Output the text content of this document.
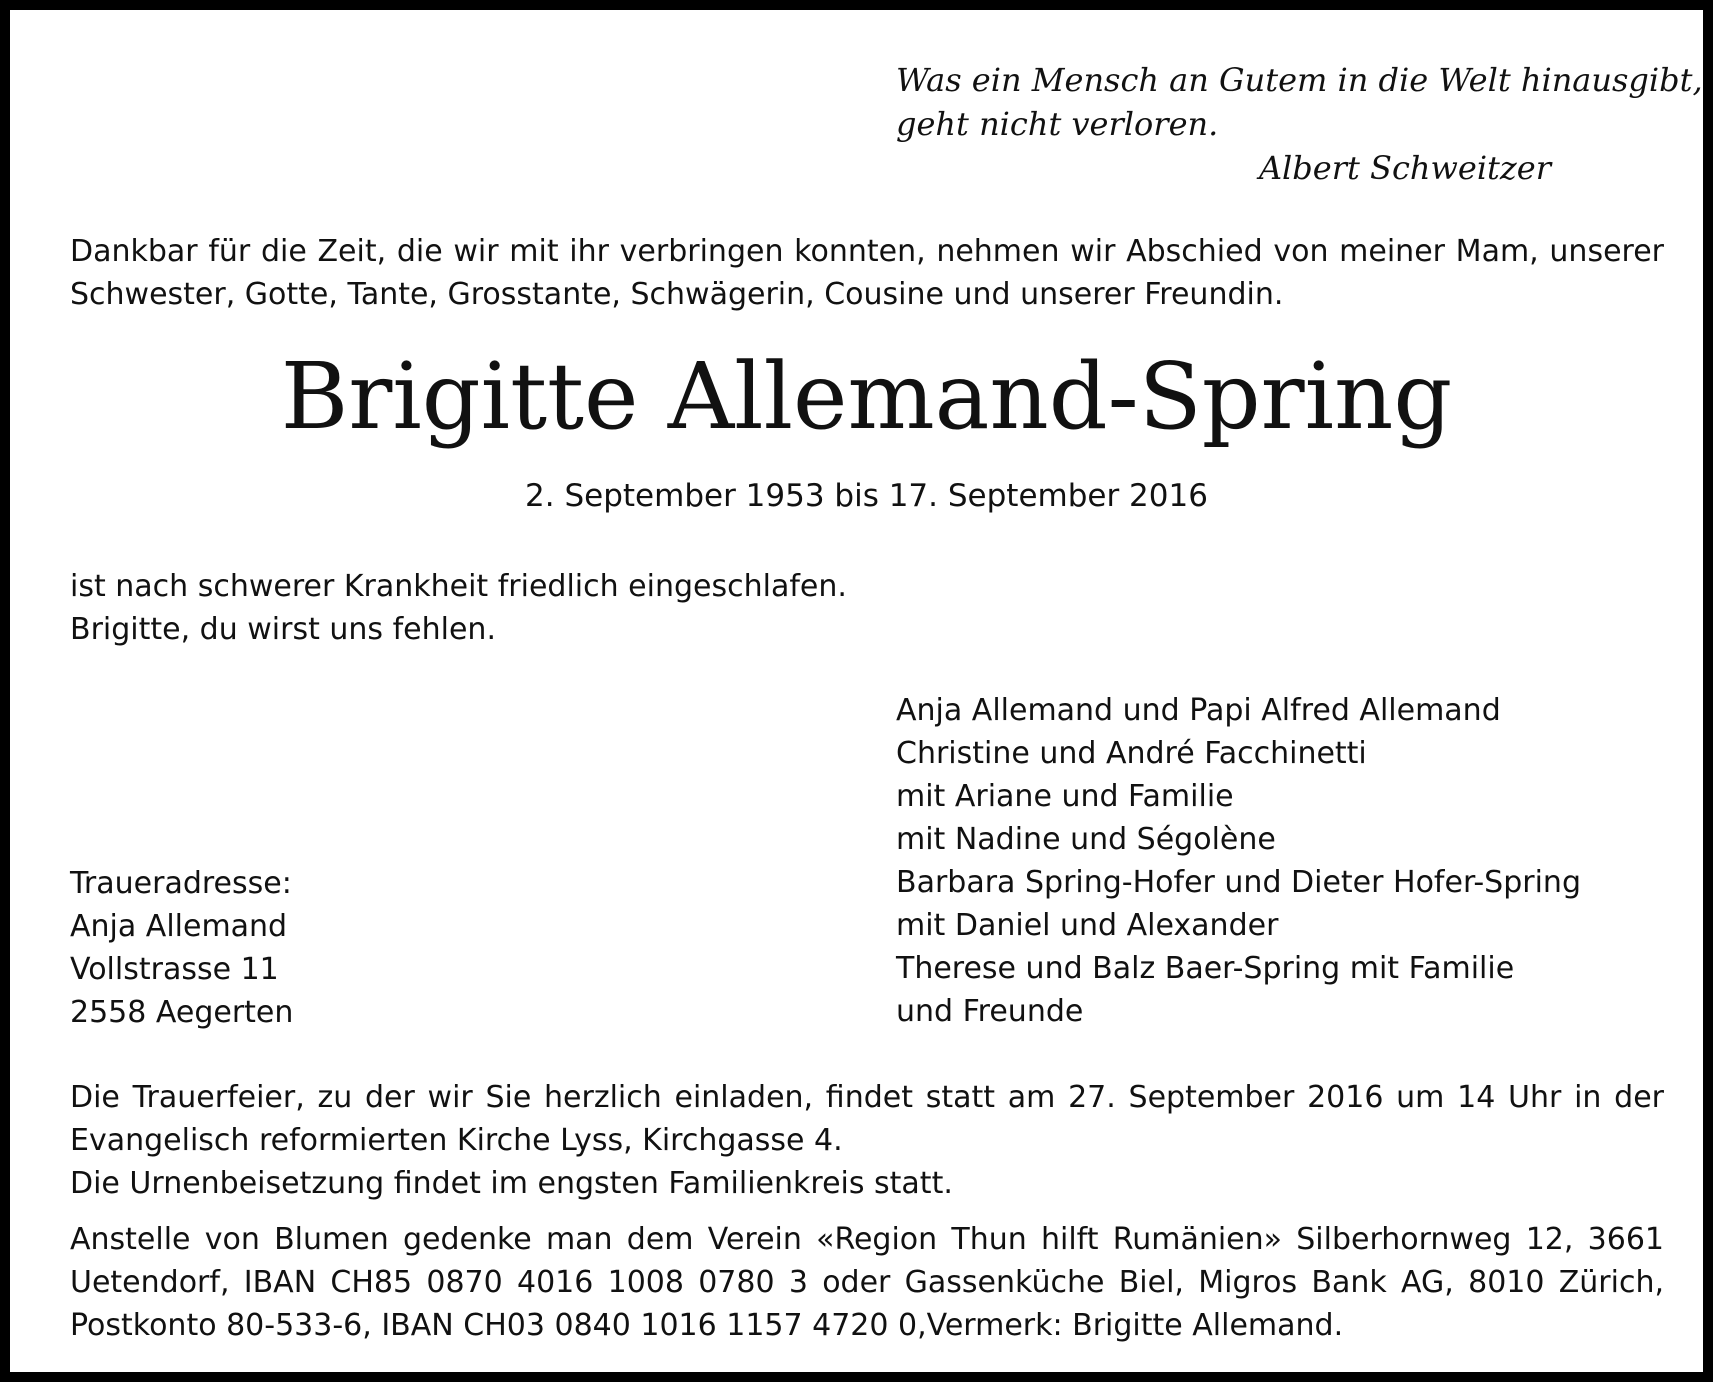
Was ein Mensch an Gutem in die Welt hinausgibt,
geht nicht verloren.
Albert Schweitzer
Dankbar für die Zeit, die wir mit ihr verbringen konnten, nehmen wir Abschied von meiner Mam, unserer Schwester, Gotte, Tante, Grosstante, Schwägerin, Cousine und unserer Freundin.
Brigitte Allemand-Spring
2. September 1953 bis 17. September 2016
ist nach schwerer Krankheit friedlich eingeschlafen.
Brigitte, du wirst uns fehlen.
Anja Allemand und Papi Alfred Allemand
Christine und André Facchinetti
mit Ariane und Familie
mit Nadine und Ségolène
Barbara Spring-Hofer und Dieter Hofer-Spring
mit Daniel und Alexander
Therese und Balz Baer-Spring mit Familie
und Freunde
Traueradresse:
Anja Allemand
Vollstrasse 11
2558 Aegerten
Die Trauerfeier, zu der wir Sie herzlich einladen, findet statt am 27. September 2016 um 14 Uhr in der Evangelisch reformierten Kirche Lyss, Kirchgasse 4.
Die Urnenbeisetzung findet im engsten Familienkreis statt.
Anstelle von Blumen gedenke man dem Verein «Region Thun hilft Rumänien» Silberhornweg 12, 3661 Uetendorf, IBAN CH85 0870 4016 1008 0780 3 oder Gassenküche Biel, Migros Bank AG, 8010 Zürich, Postkonto 80-533-6, IBAN CH03 0840 1016 1157 4720 0,Vermerk: Brigitte Allemand.
